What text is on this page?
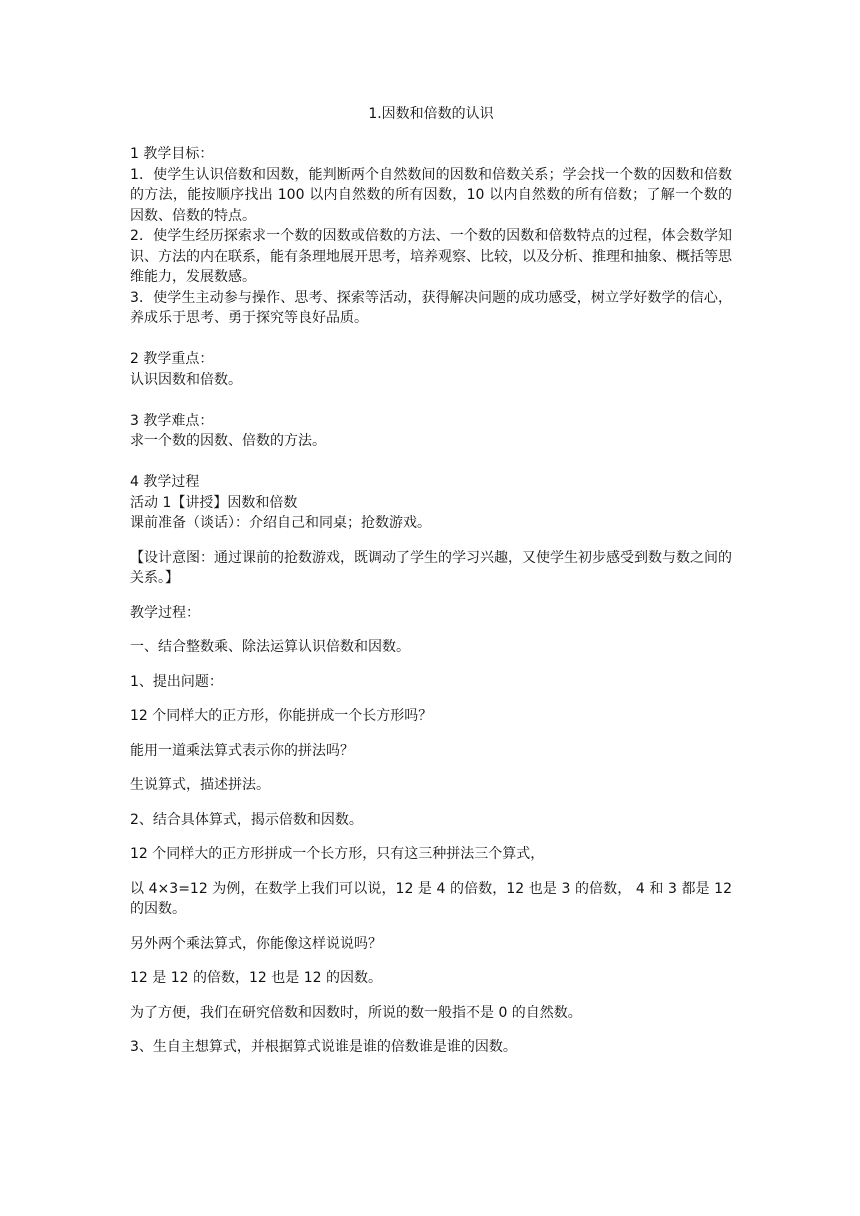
1.因数和倍数的认识

1 教学目标：

1．使学生认识倍数和因数，能判断两个自然数间的因数和倍数关系；学会找一个数的因数和倍数的方法，能按顺序找出 100 以内自然数的所有因数，10 以内自然数的所有倍数；了解一个数的因数、倍数的特点。

2．使学生经历探索求一个数的因数或倍数的方法、一个数的因数和倍数特点的过程，体会数学知识、方法的内在联系，能有条理地展开思考，培养观察、比较，以及分析、推理和抽象、概括等思维能力，发展数感。

3．使学生主动参与操作、思考、探索等活动，获得解决问题的成功感受，树立学好数学的信心，养成乐于思考、勇于探究等良好品质。

2 教学重点：

认识因数和倍数。

3 教学难点：

求一个数的因数、倍数的方法。

4 教学过程

活动 1【讲授】因数和倍数

课前准备（谈话）：介绍自己和同桌；抢数游戏。

【设计意图：通过课前的抢数游戏，既调动了学生的学习兴趣，又使学生初步感受到数与数之间的关系。】

教学过程：

一、结合整数乘、除法运算认识倍数和因数。

1、提出问题：

12 个同样大的正方形，你能拼成一个长方形吗？

能用一道乘法算式表示你的拼法吗？

生说算式，描述拼法。

2、结合具体算式，揭示倍数和因数。

12 个同样大的正方形拼成一个长方形，只有这三种拼法三个算式，

以 4×3=12 为例，在数学上我们可以说，12 是 4 的倍数，12 也是 3 的倍数， 4 和 3 都是 12 的因数。

另外两个乘法算式，你能像这样说说吗？

12 是 12 的倍数，12 也是 12 的因数。

为了方便，我们在研究倍数和因数时，所说的数一般指不是 0 的自然数。

3、生自主想算式，并根据算式说谁是谁的倍数谁是谁的因数。
